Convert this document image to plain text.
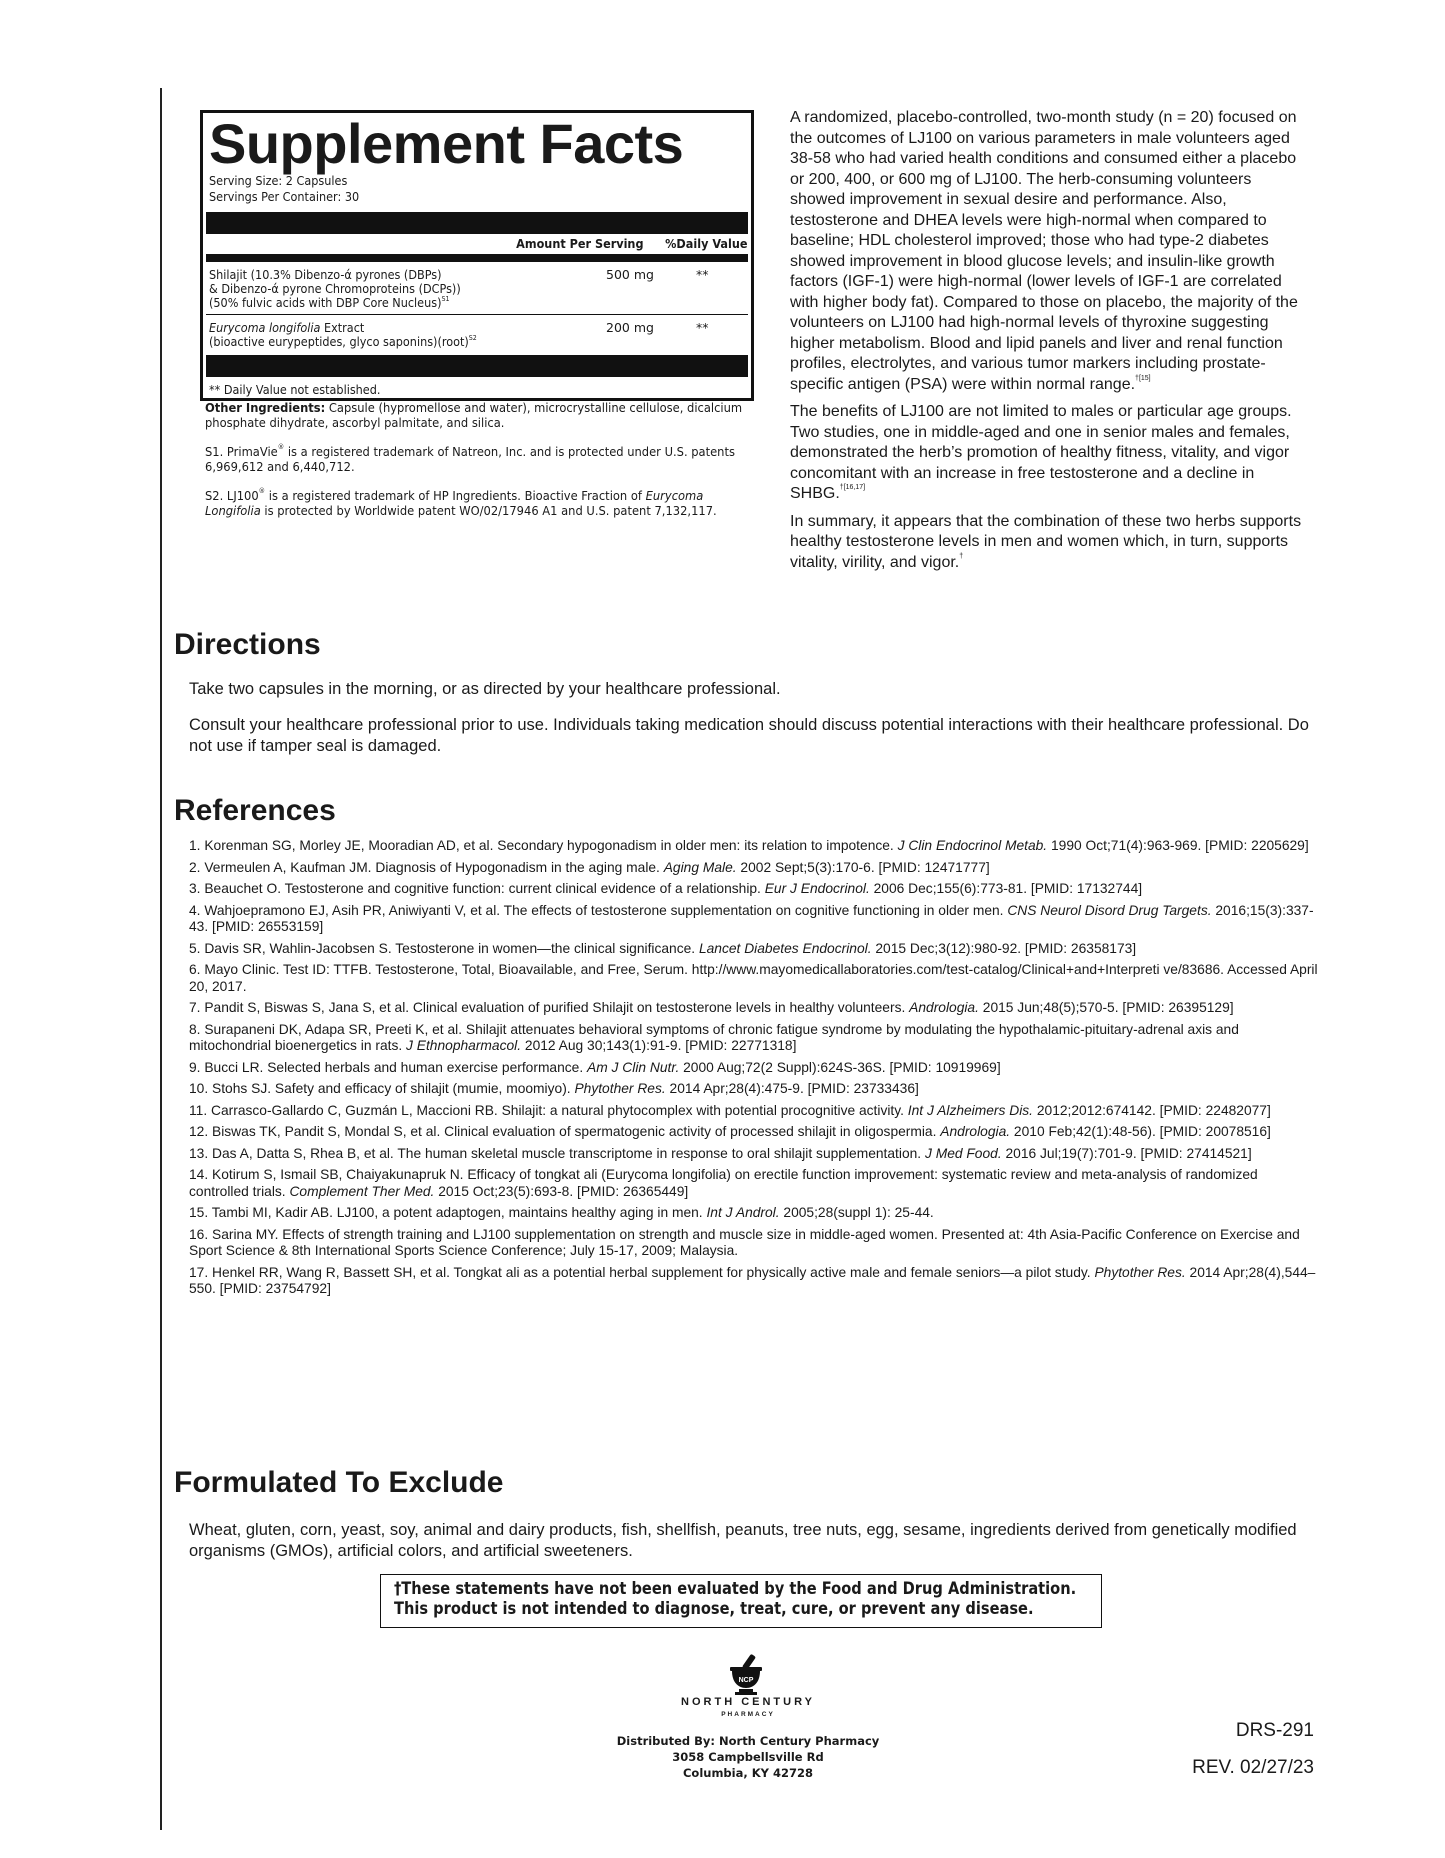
Supplement Facts
Serving Size: 2 Capsules
Servings Per Container: 30
Amount Per Serving %Daily Value
Shilajit (10.3% Dibenzo-ά pyrones (DBPs)
& Dibenzo-ά pyrone Chromoproteins (DCPs))
(50% fulvic acids with DBP Core Nucleus)$^{S1}$
500 mg	**
Eurycoma longifolia Extract
(bioactive eurypeptides, glyco saponins)(root)$^{S2}$
200 mg	**
** Daily Value not established.

Other Ingredients: Capsule (hypromellose and water), microcrystalline cellulose, dicalcium phosphate dihydrate, ascorbyl palmitate, and silica.

S1. PrimaVie® is a registered trademark of Natreon, Inc. and is protected under U.S. patents 6,969,612 and 6,440,712.

S2. LJ100® is a registered trademark of HP Ingredients. Bioactive Fraction of Eurycoma Longifolia is protected by Worldwide patent WO/02/17946 A1 and U.S. patent 7,132,117.

A randomized, placebo-controlled, two-month study (n = 20) focused on the outcomes of LJ100 on various parameters in male volunteers aged 38-58 who had varied health conditions and consumed either a placebo or 200, 400, or 600 mg of LJ100. The herb-consuming volunteers showed improvement in sexual desire and performance. Also, testosterone and DHEA levels were high-normal when compared to baseline; HDL cholesterol improved; those who had type-2 diabetes showed improvement in blood glucose levels; and insulin-like growth factors (IGF-1) were high-normal (lower levels of IGF-1 are correlated with higher body fat). Compared to those on placebo, the majority of the volunteers on LJ100 had high-normal levels of thyroxine suggesting higher metabolism. Blood and lipid panels and liver and renal function profiles, electrolytes, and various tumor markers including prostate-specific antigen (PSA) were within normal range.$^{\dagger[15]}$

The benefits of LJ100 are not limited to males or particular age groups. Two studies, one in middle-aged and one in senior males and females, demonstrated the herb’s promotion of healthy fitness, vitality, and vigor concomitant with an increase in free testosterone and a decline in SHBG.$^{\dagger[16,17]}$

In summary, it appears that the combination of these two herbs supports healthy testosterone levels in men and women which, in turn, supports vitality, virility, and vigor.†

Directions

Take two capsules in the morning, or as directed by your healthcare professional.

Consult your healthcare professional prior to use. Individuals taking medication should discuss potential interactions with their healthcare professional. Do not use if tamper seal is damaged.

References
1. Korenman SG, Morley JE, Mooradian AD, et al. Secondary hypogonadism in older men: its relation to impotence. J Clin Endocrinol Metab. 1990 Oct;71(4):963-969. [PMID: 2205629]
2. Vermeulen A, Kaufman JM. Diagnosis of Hypogonadism in the aging male. Aging Male. 2002 Sept;5(3):170-6. [PMID: 12471777]
3. Beauchet O. Testosterone and cognitive function: current clinical evidence of a relationship. Eur J Endocrinol. 2006 Dec;155(6):773-81. [PMID: 17132744]
4. Wahjoepramono EJ, Asih PR, Aniwiyanti V, et al. The effects of testosterone supplementation on cognitive functioning in older men. CNS Neurol Disord Drug Targets. 2016;15(3):337-43. [PMID: 26553159]
5. Davis SR, Wahlin-Jacobsen S. Testosterone in women—the clinical significance. Lancet Diabetes Endocrinol. 2015 Dec;3(12):980-92. [PMID: 26358173]
6. Mayo Clinic. Test ID: TTFB. Testosterone, Total, Bioavailable, and Free, Serum. http://www.mayomedicallaboratories.com/test-catalog/Clinical+and+Interpreti ve/83686. Accessed April 20, 2017.
7. Pandit S, Biswas S, Jana S, et al. Clinical evaluation of purified Shilajit on testosterone levels in healthy volunteers. Andrologia. 2015 Jun;48(5);570-5. [PMID: 26395129]
8. Surapaneni DK, Adapa SR, Preeti K, et al. Shilajit attenuates behavioral symptoms of chronic fatigue syndrome by modulating the hypothalamic-pituitary-adrenal axis and mitochondrial bioenergetics in rats. J Ethnopharmacol. 2012 Aug 30;143(1):91-9. [PMID: 22771318]
9. Bucci LR. Selected herbals and human exercise performance. Am J Clin Nutr. 2000 Aug;72(2 Suppl):624S-36S. [PMID: 10919969]
10. Stohs SJ. Safety and efficacy of shilajit (mumie, moomiyo). Phytother Res. 2014 Apr;28(4):475-9. [PMID: 23733436]
11. Carrasco-Gallardo C, Guzmán L, Maccioni RB. Shilajit: a natural phytocomplex with potential procognitive activity. Int J Alzheimers Dis. 2012;2012:674142. [PMID: 22482077]
12. Biswas TK, Pandit S, Mondal S, et al. Clinical evaluation of spermatogenic activity of processed shilajit in oligospermia. Andrologia. 2010 Feb;42(1):48-56). [PMID: 20078516]
13. Das A, Datta S, Rhea B, et al. The human skeletal muscle transcriptome in response to oral shilajit supplementation. J Med Food. 2016 Jul;19(7):701-9. [PMID: 27414521]
14. Kotirum S, Ismail SB, Chaiyakunapruk N. Efficacy of tongkat ali (Eurycoma longifolia) on erectile function improvement: systematic review and meta-analysis of randomized controlled trials. Complement Ther Med. 2015 Oct;23(5):693-8. [PMID: 26365449]
15. Tambi MI, Kadir AB. LJ100, a potent adaptogen, maintains healthy aging in men. Int J Androl. 2005;28(suppl 1): 25-44.
16. Sarina MY. Effects of strength training and LJ100 supplementation on strength and muscle size in middle-aged women. Presented at: 4th Asia-Pacific Conference on Exercise and Sport Science & 8th International Sports Science Conference; July 15-17, 2009; Malaysia.
17. Henkel RR, Wang R, Bassett SH, et al. Tongkat ali as a potential herbal supplement for physically active male and female seniors—a pilot study. Phytother Res. 2014 Apr;28(4),544–550. [PMID: 23754792]
Formulated To Exclude

Wheat, gluten, corn, yeast, soy, animal and dairy products, fish, shellfish, peanuts, tree nuts, egg, sesame, ingredients derived from genetically modified organisms (GMOs), artificial colors, and artificial sweeteners.

†These statements have not been evaluated by the Food and Drug Administration.
This product is not intended to diagnose, treat, cure, or prevent any disease.
NCP
NORTH CENTURY
PHARMACY
Distributed By: North Century Pharmacy
3058 Campbellsville Rd
Columbia, KY 42728
DRS-291
REV. 02/27/23
